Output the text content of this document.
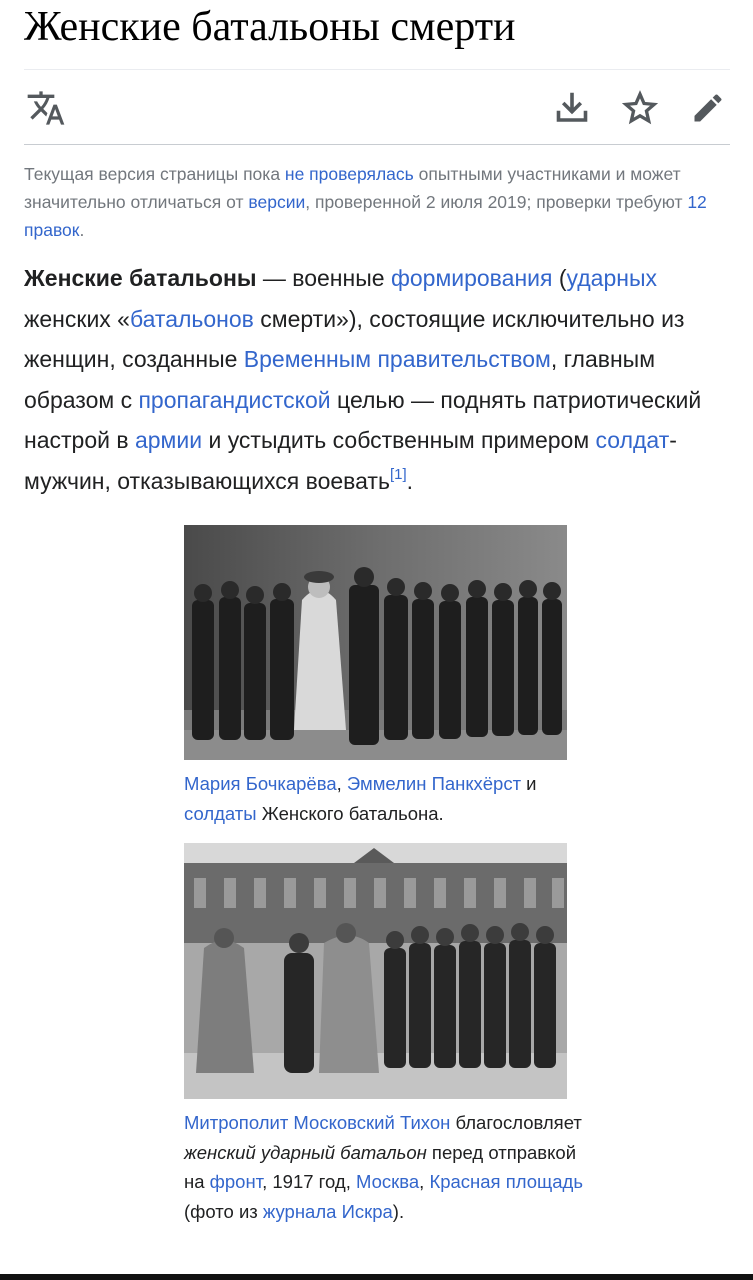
Женские батальоны смерти

Текущая версия страницы пока не проверялась опытными участниками и может значительно отличаться от версии, проверенной 2 июля 2019; проверки требуют 12 правок.

Женские батальоны — военные формирования (ударных женских «батальонов смерти»), состоящие исключительно из женщин, созданные Временным правительством, главным образом с пропагандистской целью — поднять патриотический настрой в армии и устыдить собственным примером солдат-мужчин, отказывающихся воевать[1].

Мария Бочкарёва, Эммелин Панкхёрст и солдаты Женского батальона.

Митрополит Московский Тихон благословляет женский ударный батальон перед отправкой на фронт, 1917 год, Москва, Красная площадь (фото из журнала Искра).
